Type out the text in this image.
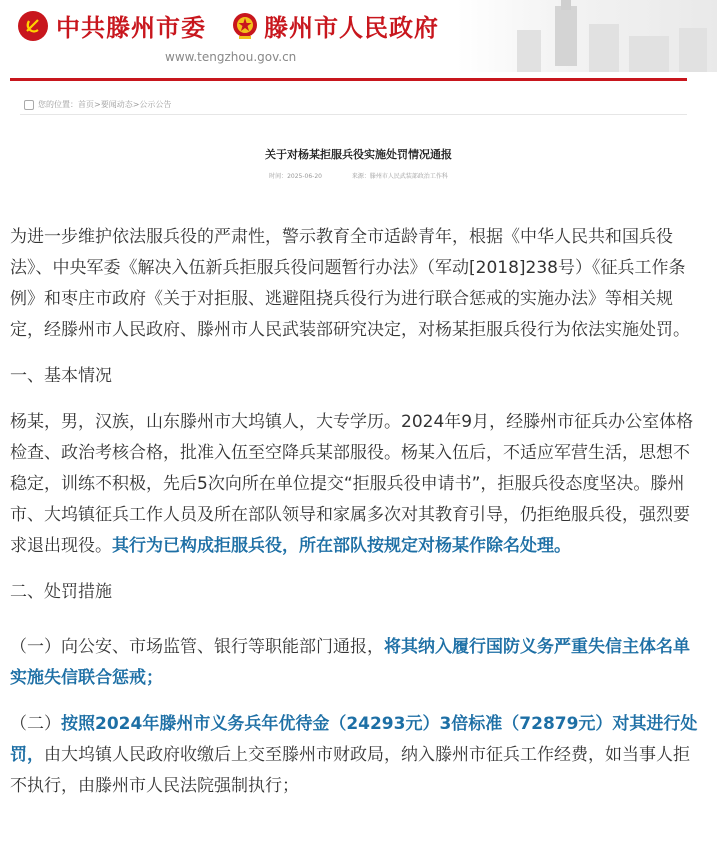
中共滕州市委 滕州市人民政府
www.tengzhou.gov.cn
您的位置： 首页 > 要闻动态 > 公示公告
关于对杨某拒服兵役实施处罚情况通报
时间：2025-06-20	来源：滕州市人民武装部政治工作科

为进一步维护依法服兵役的严肃性，警示教育全市适龄青年，根据《中华人民共和国兵役法》、中央军委《解决入伍新兵拒服兵役问题暂行办法》（军动[2018]238号）《征兵工作条例》和枣庄市政府《关于对拒服、逃避阻挠兵役行为进行联合惩戒的实施办法》等相关规定，经滕州市人民政府、滕州市人民武装部研究决定，对杨某拒服兵役行为依法实施处罚。

一、基本情况

杨某，男，汉族，山东滕州市大坞镇人，大专学历。2024年9月，经滕州市征兵办公室体格检查、政治考核合格，批准入伍至空降兵某部服役。杨某入伍后，不适应军营生活，思想不稳定，训练不积极，先后5次向所在单位提交“拒服兵役申请书”，拒服兵役态度坚决。滕州市、大坞镇征兵工作人员及所在部队领导和家属多次对其教育引导，仍拒绝服兵役，强烈要求退出现役。其行为已构成拒服兵役，所在部队按规定对杨某作除名处理。

二、处罚措施

（一）向公安、市场监管、银行等职能部门通报，将其纳入履行国防义务严重失信主体名单实施失信联合惩戒；

（二）按照2024年滕州市义务兵年优待金（24293元）3倍标准（72879元）对其进行处罚，由大坞镇人民政府收缴后上交至滕州市财政局，纳入滕州市征兵工作经费，如当事人拒不执行，由滕州市人民法院强制执行；
